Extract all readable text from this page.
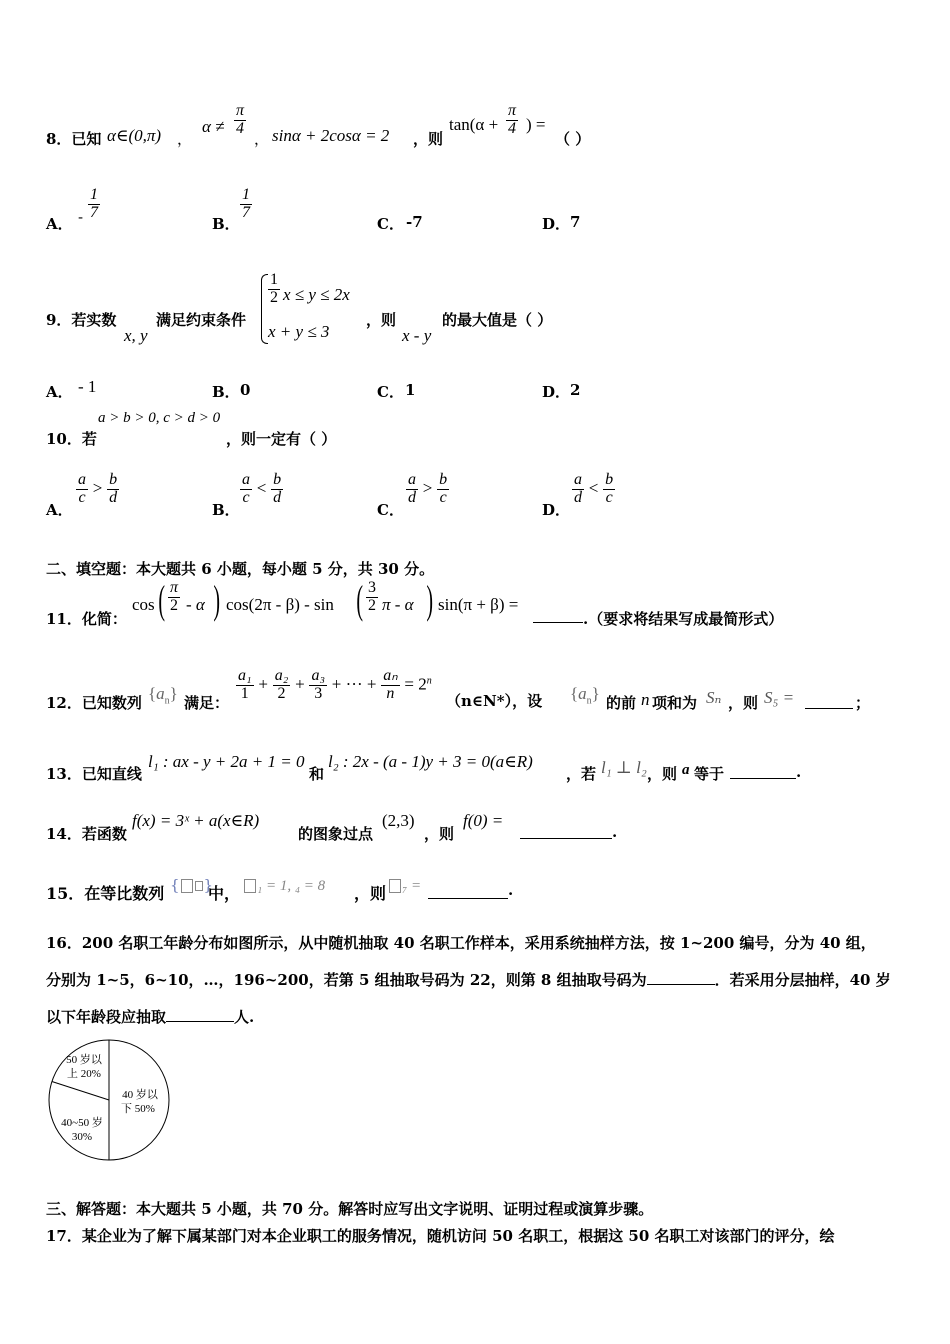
8．已知 α∈(0,π) ，
$\alpha \ne \frac{\pi}{4}$
， sinα + 2cosα = 2 ，则
$\tan(\alpha + \frac{\pi}{4}$ ) =
（ ）
A． - $\frac{1}{7}$
B．
$\frac{1}{7}$
C． -7	D． 7
9．若实数
x, y
满足约束条件
$\frac{1}{2}$ x ≤ y ≤ 2x
x + y ≤ 3
，则
x - y
的最大值是（ ）
A． - 1	B． 0	C． 1	D． 2
10．若
a > b > 0, c > d > 0
，则一定有（ ）
A．
$\frac{a}{c} > \frac{b}{d}$
B．
$\frac{a}{c} < \frac{b}{d}$
C．
$\frac{a}{d} > \frac{b}{c}$
D．
$\frac{a}{d} < \frac{b}{c}$
二、填空题：本大题共 6 小题，每小题 5 分，共 30 分。
11．化简：
cos ( $\frac{\pi}{2}$ - α ) cos(2π - β) - sin ( $\frac{3}{2}$ π - α ) sin(π + β) =
.（要求将结果写成最简形式）
12．已知数列 $\{a_n\}$ 满足：
$\frac{\text{a₁}}{1} + \frac{\text{a₂}}{2} + \frac{\text{a₃}}{3}$ + ··· + $\frac{\text{aₙ}}{n} = 2^n$
（n∈N*），设 $\{a_n\}$ 的前 n 项和为 Sₙ ，则 S₅ =	；
13．已知直线
l₁ : ax - y + 2a + 1 = 0
和
l₂ : 2x - (a - 1)y + 3 = 0(a∈R)
，若 l₁ ⊥ l₂ ，则 a 等于	.
14．若函数
f(x) = 3ˣ + a(x∈R)
的图象过点
(2,3)
，则
f(0) =
.
15．在等比数列 { }
中，	₁ = 1, ₄ = 8 ，则	₇ =	.
16．200 名职工年龄分布如图所示，从中随机抽取 40 名职工作样本，采用系统抽样方法，按 1~200 编号，分为 40 组，
分别为 1~5，6~10，…，196~200，若第 5 组抽取号码为 22，则第 8 组抽取号码为	．若采用分层抽样，40 岁
以下年龄段应抽取	人.
40 岁以
下 50%
40~50 岁
30%
50 岁以
上 20%
三、解答题：本大题共 5 小题，共 70 分。解答时应写出文字说明、证明过程或演算步骤。
17．某企业为了解下属某部门对本企业职工的服务情况，随机访问 50 名职工，根据这 50 名职工对该部门的评分，绘
